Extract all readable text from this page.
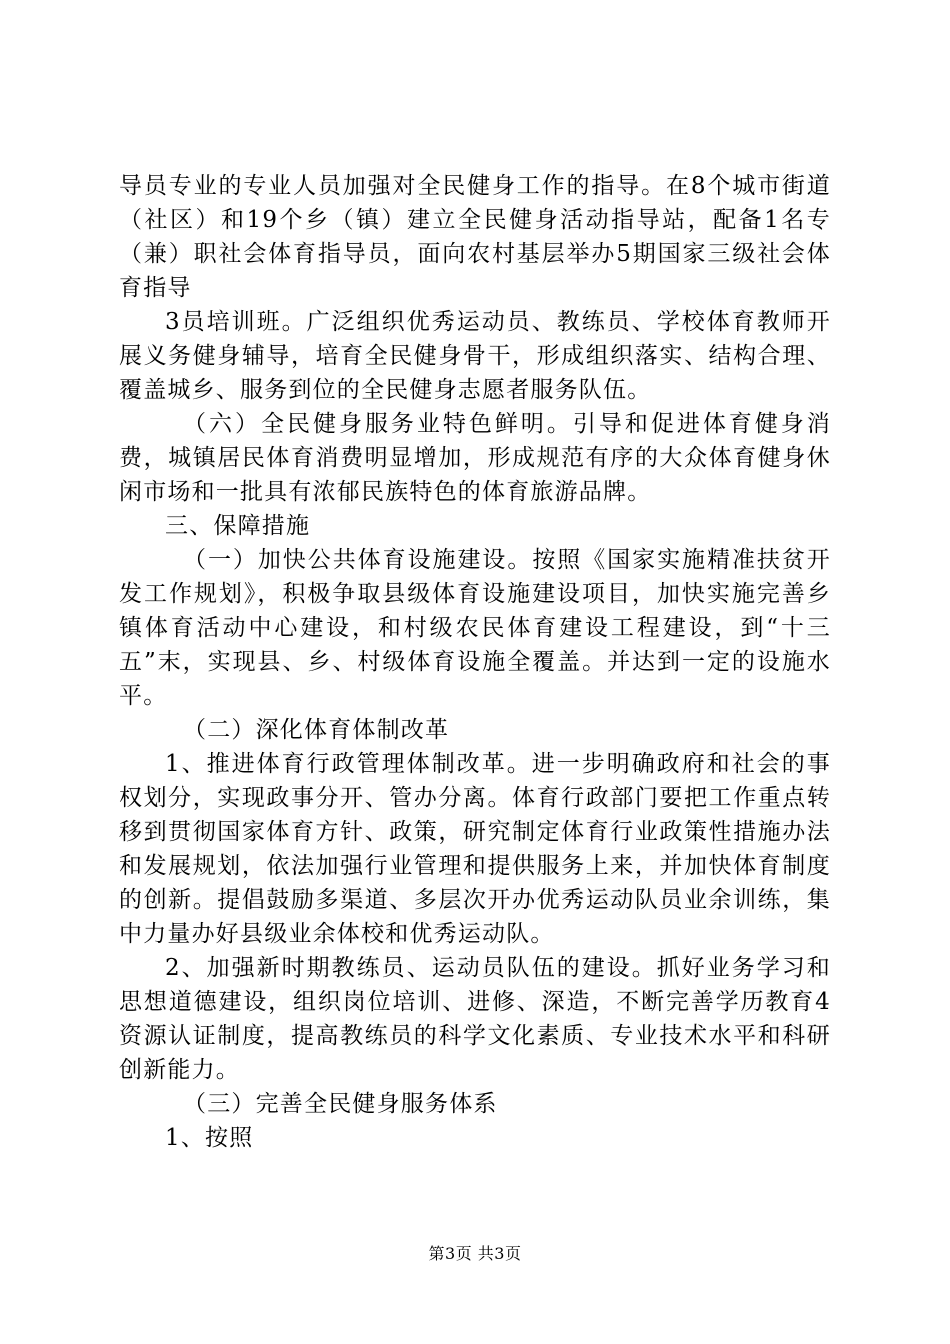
导员专业的专业人员加强对全民健身工作的指导。在8个城市街道（社区）和19个乡（镇）建立全民健身活动指导站，配备1名专（兼）职社会体育指导员，面向农村基层举办5期国家三级社会体育指导

3员培训班。广泛组织优秀运动员、教练员、学校体育教师开展义务健身辅导，培育全民健身骨干，形成组织落实、结构合理、覆盖城乡、服务到位的全民健身志愿者服务队伍。

（六）全民健身服务业特色鲜明。引导和促进体育健身消费，城镇居民体育消费明显增加，形成规范有序的大众体育健身休闲市场和一批具有浓郁民族特色的体育旅游品牌。

三、保障措施

（一）加快公共体育设施建设。按照《国家实施精准扶贫开发工作规划》，积极争取县级体育设施建设项目，加快实施完善乡镇体育活动中心建设，和村级农民体育建设工程建设，到“十三五”末，实现县、乡、村级体育设施全覆盖。并达到一定的设施水平。

（二）深化体育体制改革

1、推进体育行政管理体制改革。进一步明确政府和社会的事权划分，实现政事分开、管办分离。体育行政部门要把工作重点转移到贯彻国家体育方针、政策，研究制定体育行业政策性措施办法和发展规划，依法加强行业管理和提供服务上来，并加快体育制度的创新。提倡鼓励多渠道、多层次开办优秀运动队员业余训练，集中力量办好县级业余体校和优秀运动队。

2、加强新时期教练员、运动员队伍的建设。抓好业务学习和思想道德建设，组织岗位培训、进修、深造，不断完善学历教育4资源认证制度，提高教练员的科学文化素质、专业技术水平和科研创新能力。

（三）完善全民健身服务体系

1、按照

第3页 共3页
